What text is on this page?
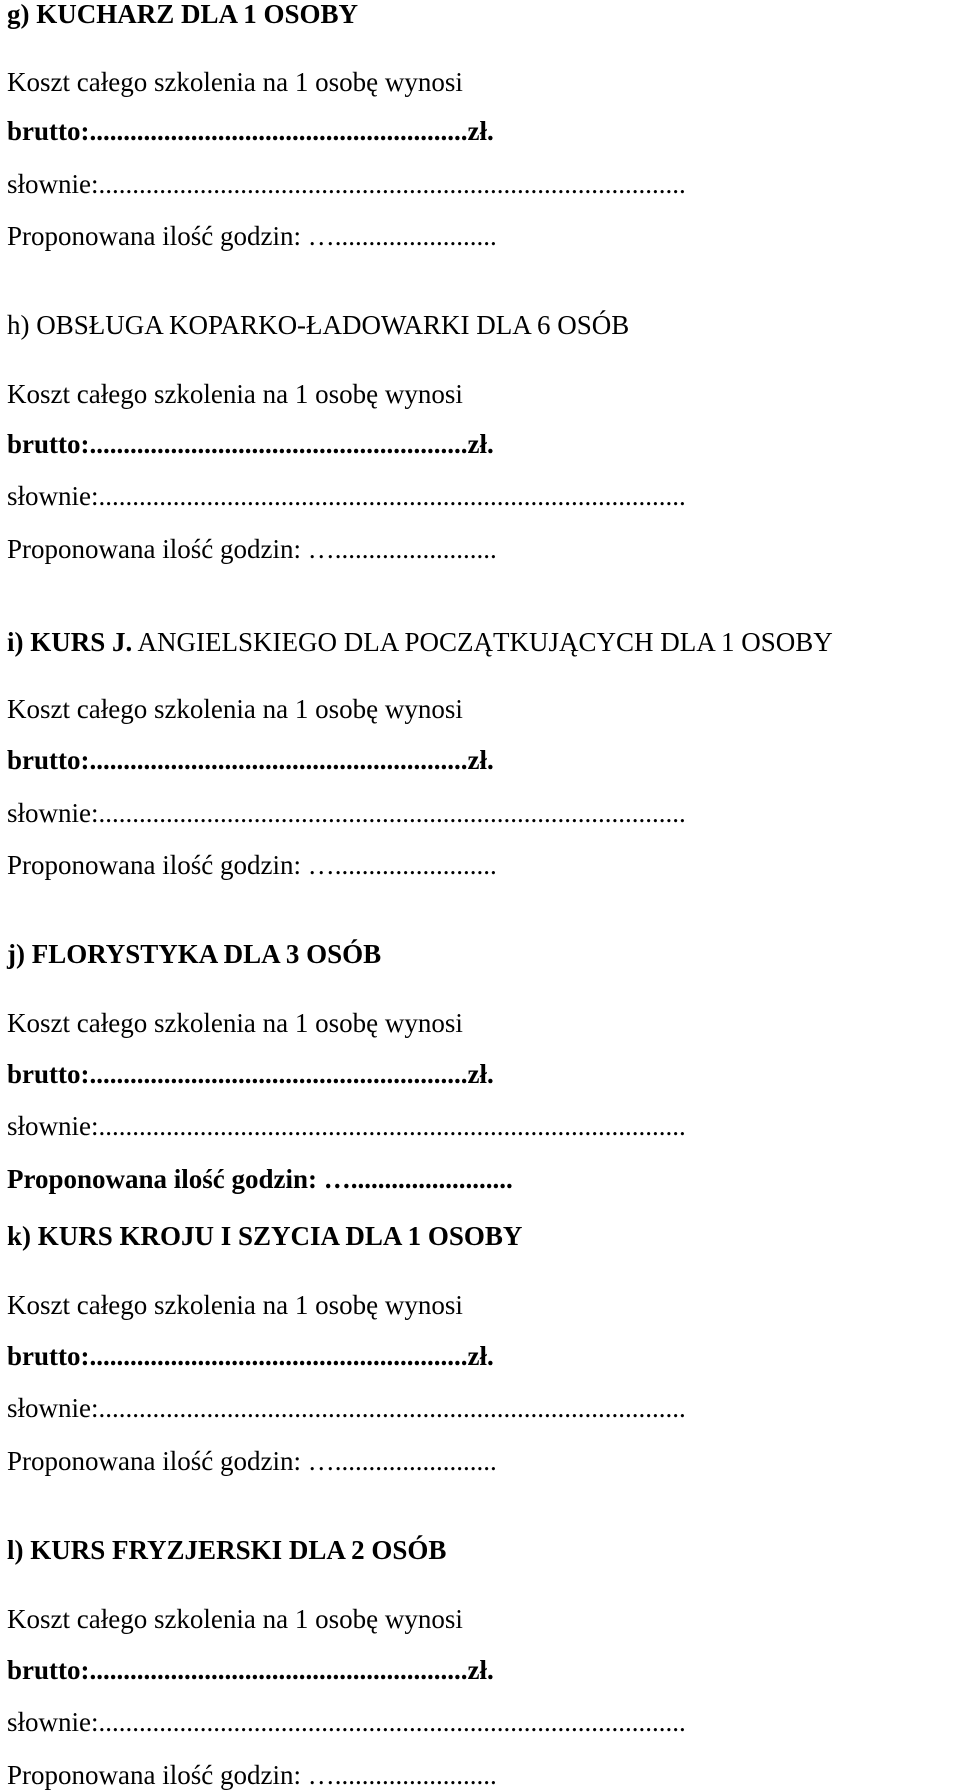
g) KUCHARZ DLA 1 OSOBY
Koszt całego szkolenia na 1 osobę wynosi
brutto:........................................................zł.
słownie:.......................................................................................
Proponowana ilość godzin: …........................
h) OBSŁUGA KOPARKO-ŁADOWARKI DLA 6 OSÓB
Koszt całego szkolenia na 1 osobę wynosi
brutto:........................................................zł.
słownie:.......................................................................................
Proponowana ilość godzin: …........................
i) KURS J. ANGIELSKIEGO DLA POCZĄTKUJĄCYCH DLA 1 OSOBY
Koszt całego szkolenia na 1 osobę wynosi
brutto:........................................................zł.
słownie:.......................................................................................
Proponowana ilość godzin: …........................
j) FLORYSTYKA DLA 3 OSÓB
Koszt całego szkolenia na 1 osobę wynosi
brutto:........................................................zł.
słownie:.......................................................................................
Proponowana ilość godzin: …........................
k) KURS KROJU I SZYCIA DLA 1 OSOBY
Koszt całego szkolenia na 1 osobę wynosi
brutto:........................................................zł.
słownie:.......................................................................................
Proponowana ilość godzin: …........................
l) KURS FRYZJERSKI DLA 2 OSÓB
Koszt całego szkolenia na 1 osobę wynosi
brutto:........................................................zł.
słownie:.......................................................................................
Proponowana ilość godzin: …........................
